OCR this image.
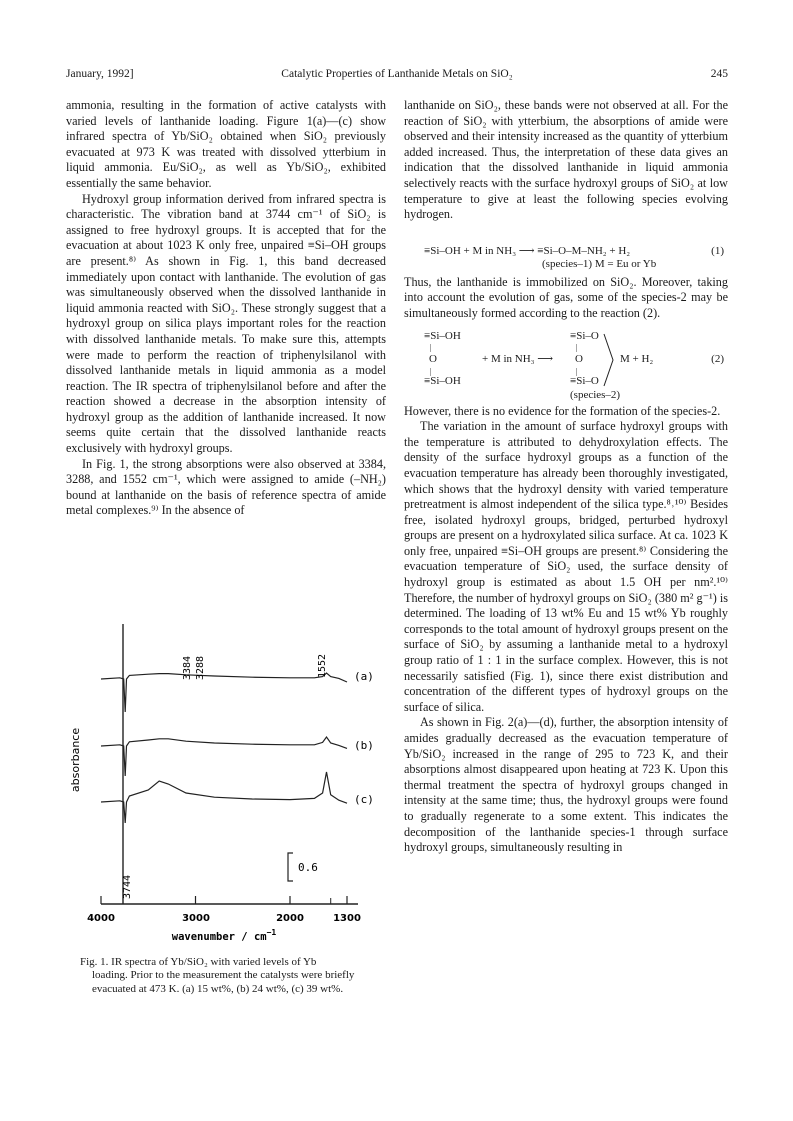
January, 1992]	Catalytic Properties of Lanthanide Metals on SiO₂	245

ammonia, resulting in the formation of active catalysts with varied levels of lanthanide loading. Figure 1(a)—(c) show infrared spectra of Yb/SiO₂ obtained when SiO₂ previously evacuated at 973 K was treated with dissolved ytterbium in liquid ammonia. Eu/SiO₂, as well as Yb/SiO₂, exhibited essentially the same behavior.

Hydroxyl group information derived from infrared spectra is characteristic. The vibration band at 3744 cm⁻¹ of SiO₂ is assigned to free hydroxyl groups. It is accepted that for the evacuation at about 1023 K only free, unpaired ≡Si–OH groups are present.⁸⁾ As shown in Fig. 1, this band decreased immediately upon contact with lanthanide. The evolution of gas was simultaneously observed when the dissolved lanthanide in liquid ammonia reacted with SiO₂. These strongly suggest that a hydroxyl group on silica plays important roles for the reaction with dissolved lanthanide metals. To make sure this, attempts were made to perform the reaction of triphenylsilanol with dissolved lanthanide metals in liquid ammonia as a model reaction. The IR spectra of triphenylsilanol before and after the reaction showed a decrease in the absorption intensity of hydroxyl group as the addition of lanthanide increased. It now seems quite certain that the dissolved lanthanide reacts exclusively with hydroxyl groups.

In Fig. 1, the strong absorptions were also observed at 3384, 3288, and 1552 cm⁻¹, which were assigned to amide (–NH₂) bound at lanthanide on the basis of reference spectra of amide metal complexes.⁹⁾ In the absence of

lanthanide on SiO₂, these bands were not observed at all. For the reaction of SiO₂ with ytterbium, the absorptions of amide were observed and their intensity increased as the quantity of ytterbium added increased. Thus, the interpretation of these data gives an indication that the dissolved lanthanide in liquid ammonia selectively reacts with the surface hydroxyl groups of SiO₂ at low temperature to give at least the following species evolving hydrogen.

≡Si–OH + M in NH₃ ⟶ ≡Si–O–M–NH₂ + H₂
(species–1) M = Eu or Yb
(1)

Thus, the lanthanide is immobilized on SiO₂. Moreover, taking into account the evolution of gas, some of the species-2 may be simultaneously formed according to the reaction (2).

≡Si–OH
|
O
|
≡Si–OH
+ M in NH₃ ⟶
≡Si–O
|
O
|
≡Si–O
M + H₂
(species–2)
(2)

However, there is no evidence for the formation of the species-2.

The variation in the amount of surface hydroxyl groups with the temperature is attributed to dehydroxylation effects. The density of the surface hydroxyl groups as a function of the evacuation temperature has already been thoroughly investigated, which shows that the hydroxyl density with varied temperature pretreatment is almost independent of the silica type.⁸˒¹⁰⁾ Besides free, isolated hydroxyl groups, bridged, perturbed hydroxyl groups are present on a hydroxylated silica surface. At ca. 1023 K only free, unpaired ≡Si–OH groups are present.⁸⁾ Considering the evacuation temperature of SiO₂ used, the surface density of hydroxyl group is estimated as about 1.5 OH per nm².¹⁰⁾ Therefore, the number of hydroxyl groups on SiO₂ (380 m² g⁻¹) is determined. The loading of 13 wt% Eu and 15 wt% Yb roughly corresponds to the total amount of hydroxyl groups present on the surface of SiO₂ by assuming a lanthanide metal to a hydroxyl group ratio of 1 : 1 in the surface complex. However, this is not necessarily satisfied (Fig. 1), since there exist distribution and concentration of the different types of hydroxyl groups on the surface of silica.

As shown in Fig. 2(a)—(d), further, the absorption intensity of amides gradually decreased as the evacuation temperature of Yb/SiO₂ increased in the range of 295 to 723 K, and their absorptions almost disappeared upon heating at 723 K. Upon this thermal treatment the spectra of hydroxyl groups changed in intensity at the same time; thus, the hydroxyl groups were found to gradually regenerate to a some extent. This indicates the decomposition of the lanthanide species-1 through surface hydroxyl groups, simultaneously resulting in

3384 3288	1552
3744
(a)
(b)
(c)
0.6
absorbance
4000	3000	2000	1300
wavenumber / $cm^{-1}$
Fig. 1. IR spectra of Yb/SiO₂ with varied levels of Yb
loading. Prior to the measurement the catalysts were briefly evacuated at 473 K. (a) 15 wt%, (b) 24 wt%, (c) 39 wt%.
